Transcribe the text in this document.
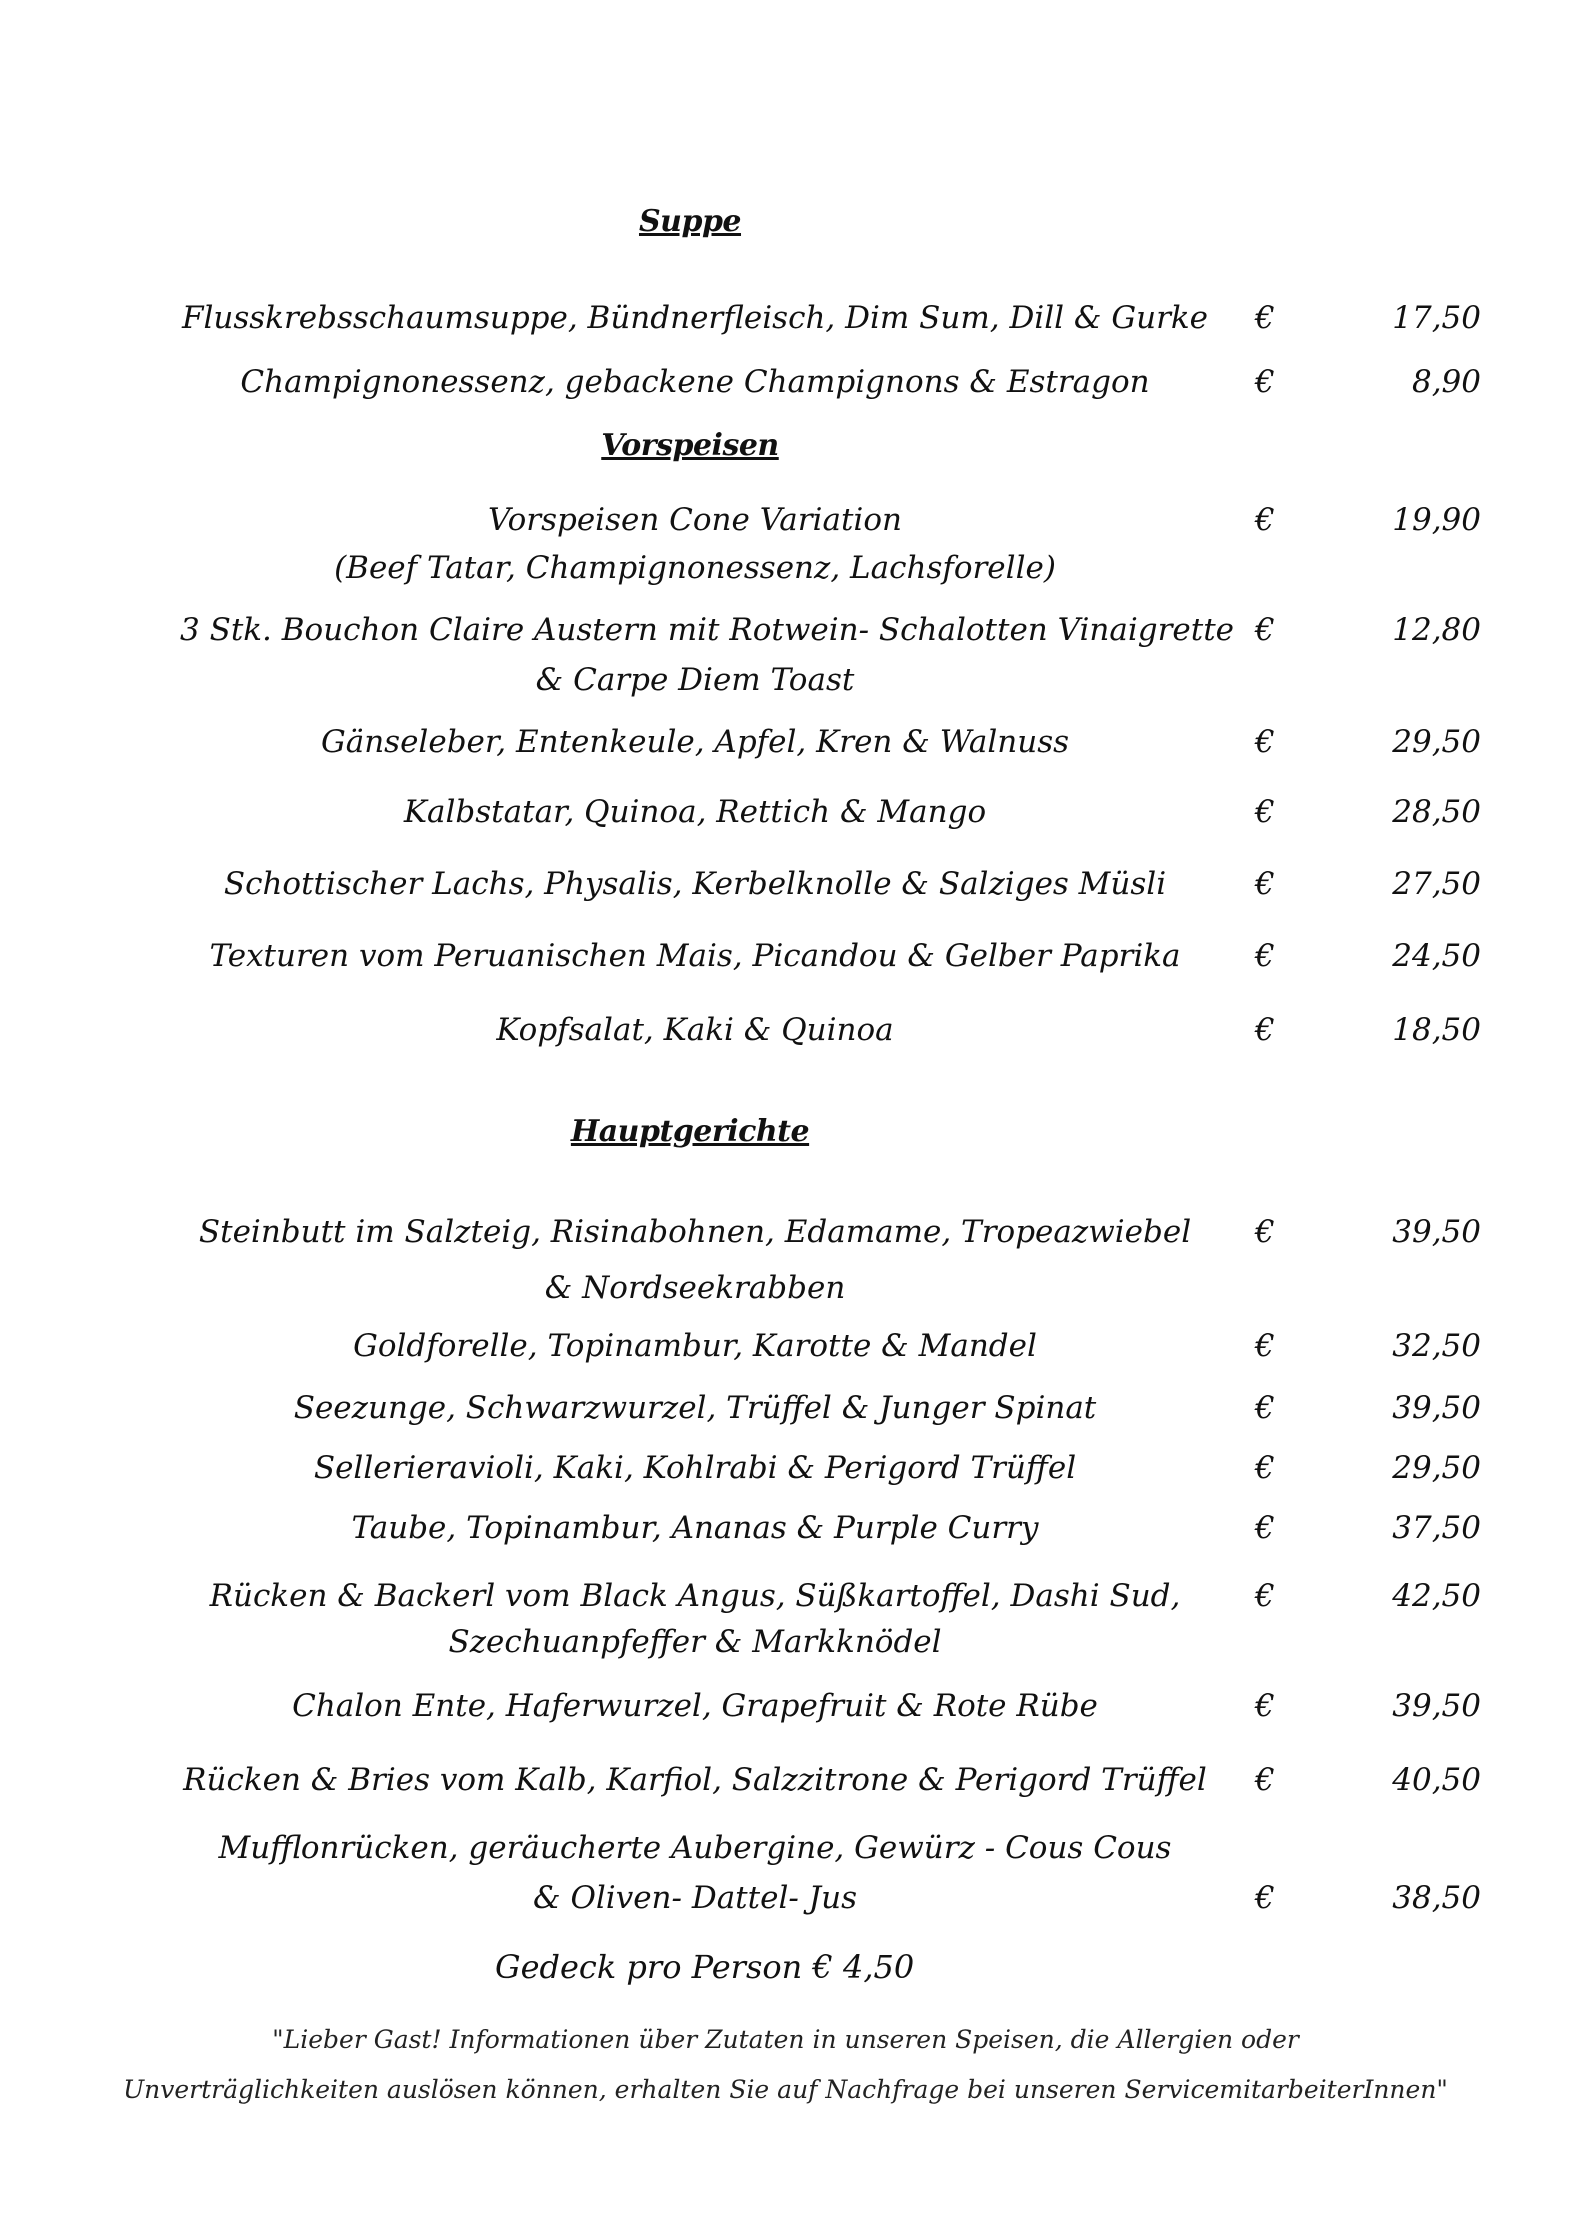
Suppe
Flusskrebsschaumsuppe, Bündnerfleisch, Dim Sum, Dill & Gurke €	17,50
Champignonessenz, gebackene Champignons & Estragon	€	8,90
Vorspeisen
Vorspeisen Cone Variation
(Beef Tatar, Champignonessenz, Lachsforelle)
€	19,90
3 Stk. Bouchon Claire Austern mit Rotwein- Schalotten Vinaigrette
& Carpe Diem Toast
€	12,80
Gänseleber, Entenkeule, Apfel, Kren & Walnuss	€	29,50
Kalbstatar, Quinoa, Rettich & Mango	€	28,50
Schottischer Lachs, Physalis, Kerbelknolle & Salziges Müsli	€	27,50
Texturen vom Peruanischen Mais, Picandou & Gelber Paprika	€	24,50
Kopfsalat, Kaki & Quinoa	€	18,50
Hauptgerichte
Steinbutt im Salzteig, Risinabohnen, Edamame, Tropeazwiebel
& Nordseekrabben
€	39,50
Goldforelle, Topinambur, Karotte & Mandel	€	32,50
Seezunge, Schwarzwurzel, Trüffel & Junger Spinat	€	39,50
Sellerieravioli, Kaki, Kohlrabi & Perigord Trüffel	€	29,50
Taube, Topinambur, Ananas & Purple Curry	€	37,50
Rücken & Backerl vom Black Angus, Süßkartoffel, Dashi Sud,
Szechuanpfeffer & Markknödel
€	42,50
Chalon Ente, Haferwurzel, Grapefruit & Rote Rübe	€	39,50
Rücken & Bries vom Kalb, Karfiol, Salzzitrone & Perigord Trüffel €	40,50
Mufflonrücken, geräucherte Aubergine, Gewürz - Cous Cous
& Oliven- Dattel- Jus	€	38,50
Gedeck pro Person € 4,50
"Lieber Gast! Informationen über Zutaten in unseren Speisen, die Allergien oder
Unverträglichkeiten auslösen können, erhalten Sie auf Nachfrage bei unseren ServicemitarbeiterInnen"
